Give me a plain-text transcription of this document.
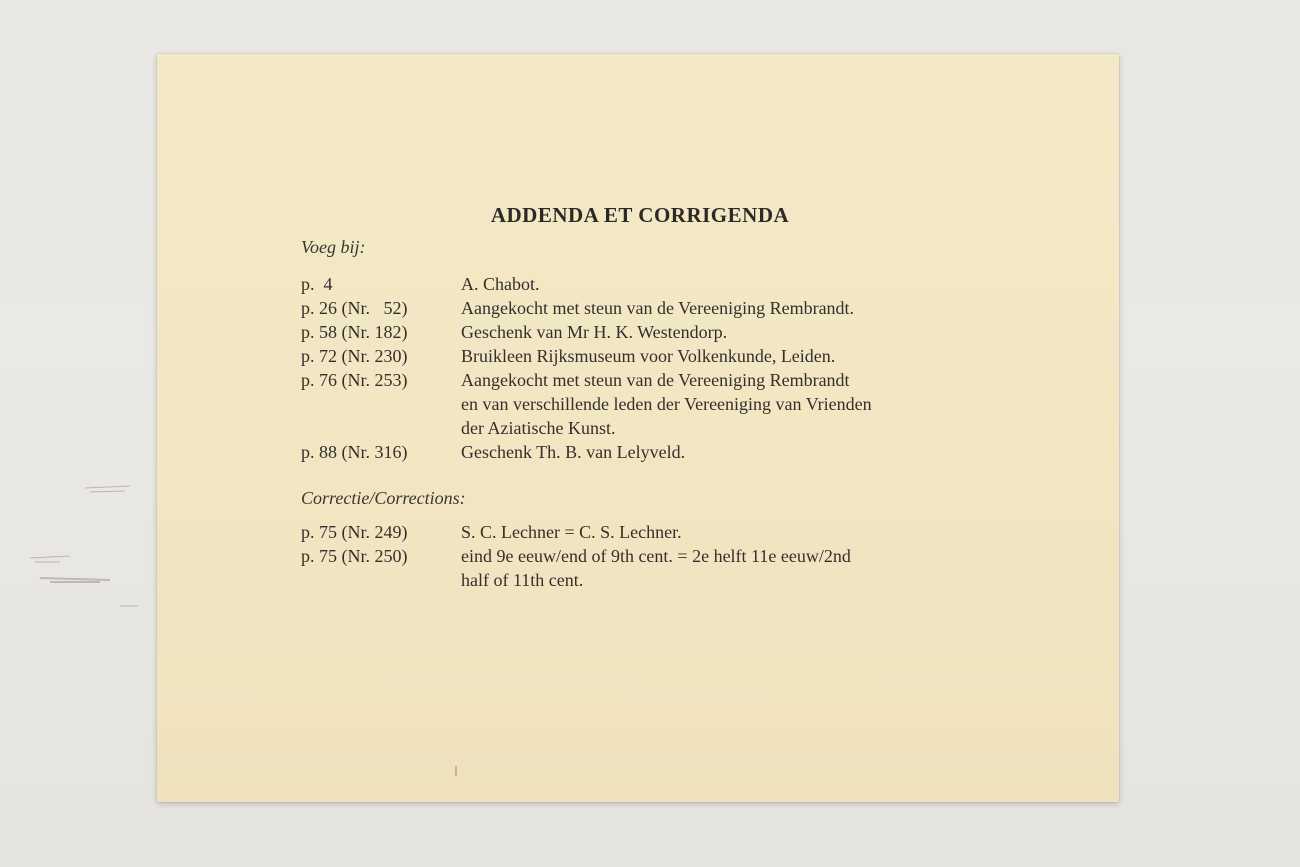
ADDENDA ET CORRIGENDA
Voeg bij:
p.  4	A. Chabot.
p. 26 (Nr.   52)	Aangekocht met steun van de Vereeniging Rembrandt.
p. 58 (Nr. 182)	Geschenk van Mr H. K. Westendorp.
p. 72 (Nr. 230)	Bruikleen Rijksmuseum voor Volkenkunde, Leiden.
p. 76 (Nr. 253)	Aangekocht met steun van de Vereeniging Rembrandt
en van verschillende leden der Vereeniging van Vrienden
der Aziatische Kunst.
p. 88 (Nr. 316)	Geschenk Th. B. van Lelyveld.
Correctie/Corrections:
p. 75 (Nr. 249)	S. C. Lechner = C. S. Lechner.
p. 75 (Nr. 250)	eind 9e eeuw/end of 9th cent. = 2e helft 11e eeuw/2nd
half of 11th cent.
